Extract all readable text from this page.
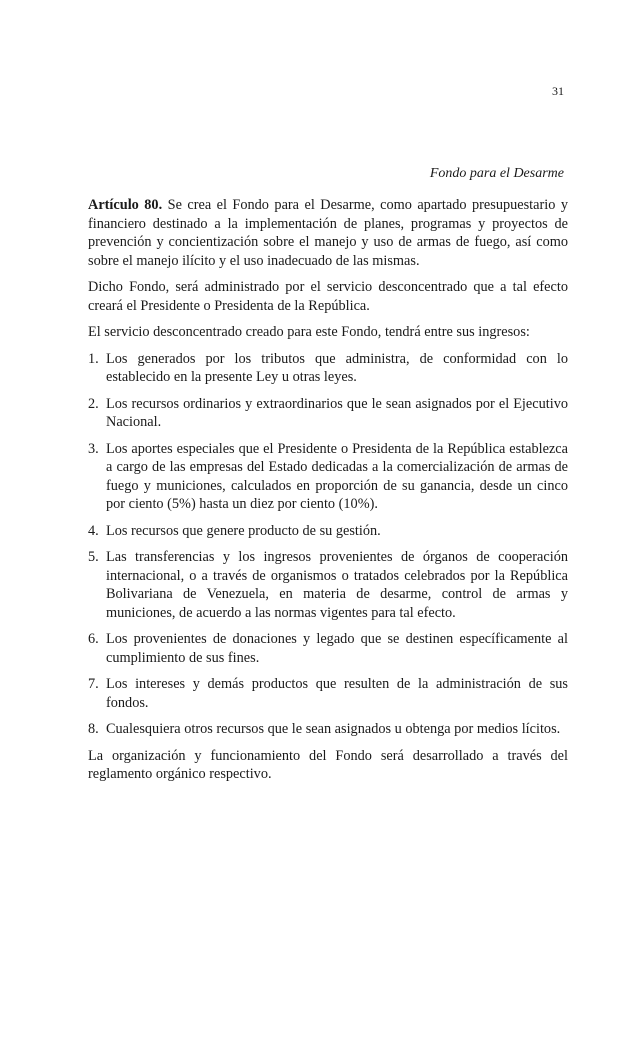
31
Fondo para el Desarme

Artículo 80. Se crea el Fondo para el Desarme, como apartado presupuestario y financiero destinado a la implementación de planes, programas y proyectos de prevención y concientización sobre el manejo y uso de armas de fuego, así como sobre el manejo ilícito y el uso inadecuado de las mismas.

Dicho Fondo, será administrado por el servicio desconcentrado que a tal efecto creará el Presidente o Presidenta de la República.

El servicio desconcentrado creado para este Fondo, tendrá entre sus ingresos:

1. Los generados por los tributos que administra, de conformidad con lo establecido en la presente Ley u otras leyes.
2. Los recursos ordinarios y extraordinarios que le sean asignados por el Ejecutivo Nacional.
3. Los aportes especiales que el Presidente o Presidenta de la República establezca a cargo de las empresas del Estado dedicadas a la comercialización de armas de fuego y municiones, calculados en proporción de su ganancia, desde un cinco por ciento (5%) hasta un diez por ciento (10%).
4. Los recursos que genere producto de su gestión.
5. Las transferencias y los ingresos provenientes de órganos de cooperación internacional, o a través de organismos o tratados celebrados por la República Bolivariana de Venezuela, en materia de desarme, control de armas y municiones, de acuerdo a las normas vigentes para tal efecto.
6. Los provenientes de donaciones y legado que se destinen específicamente al cumplimiento de sus fines.
7. Los intereses y demás productos que resulten de la administración de sus fondos.
8. Cualesquiera otros recursos que le sean asignados u obtenga por medios lícitos.

La organización y funcionamiento del Fondo será desarrollado a través del reglamento orgánico respectivo.
